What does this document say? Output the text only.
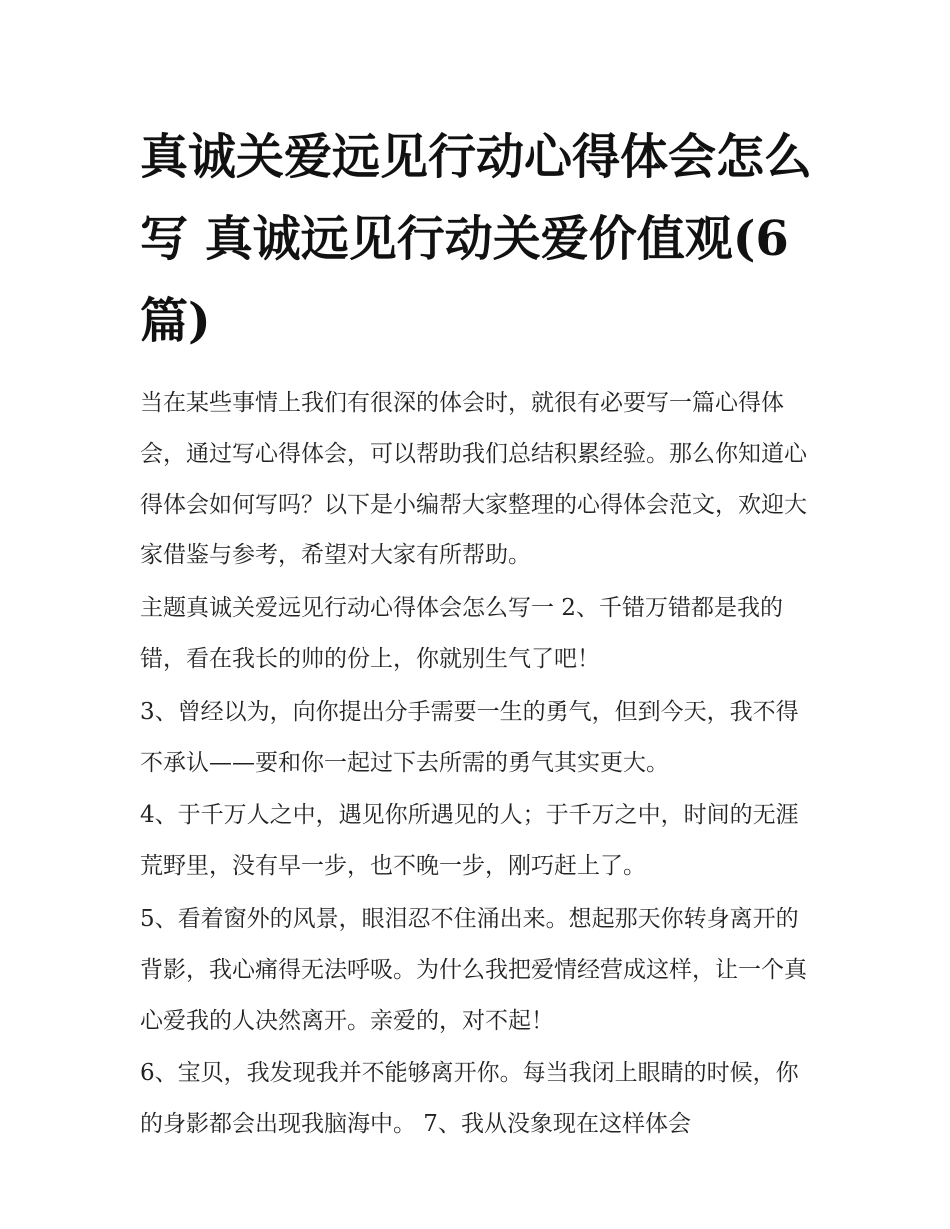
真诚关爱远见行动心得体会怎么写 真诚远见行动关爱价值观(6篇)

当在某些事情上我们有很深的体会时，就很有必要写一篇心得体会，通过写心得体会，可以帮助我们总结积累经验。那么你知道心得体会如何写吗？以下是小编帮大家整理的心得体会范文，欢迎大家借鉴与参考，希望对大家有所帮助。

主题真诚关爱远见行动心得体会怎么写一 2、千错万错都是我的错，看在我长的帅的份上，你就别生气了吧！

3、曾经以为，向你提出分手需要一生的勇气，但到今天，我不得不承认——要和你一起过下去所需的勇气其实更大。

4、于千万人之中，遇见你所遇见的人；于千万之中，时间的无涯荒野里，没有早一步，也不晚一步，刚巧赶上了。

5、看着窗外的风景，眼泪忍不住涌出来。想起那天你转身离开的背影，我心痛得无法呼吸。为什么我把爱情经营成这样，让一个真心爱我的人决然离开。亲爱的，对不起！

6、宝贝，我发现我并不能够离开你。每当我闭上眼睛的时候，你的身影都会出现我脑海中。 7、我从没象现在这样体会
